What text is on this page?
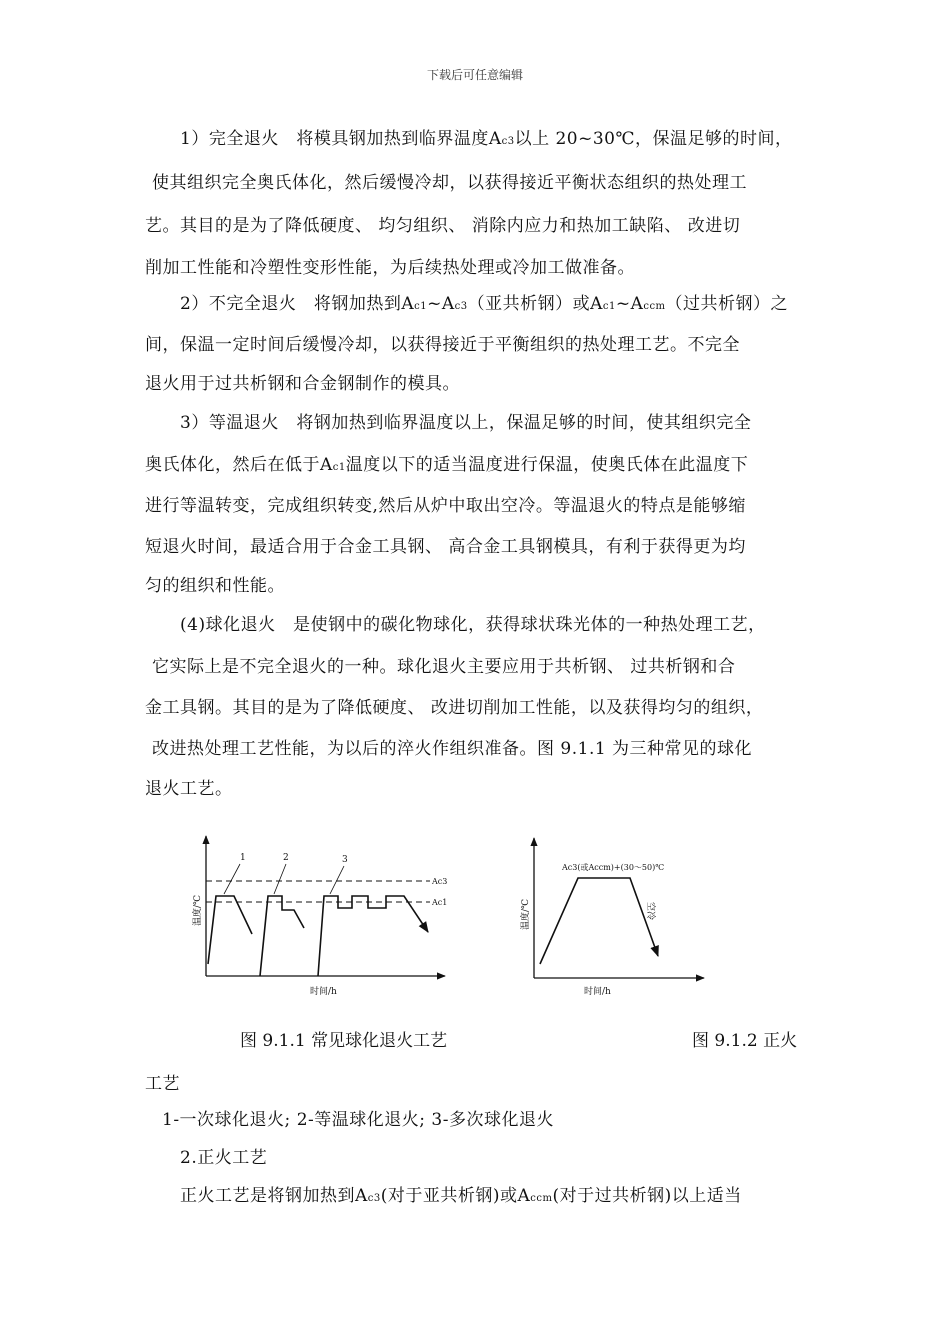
下载后可任意编辑
1）完全退火　将模具钢加热到临界温度Ac3以上 20~30℃，保温足够的时间，
使其组织完全奥氏体化，然后缓慢冷却，以获得接近平衡状态组织的热处理工
艺。其目的是为了降低硬度、 均匀组织、 消除内应力和热加工缺陷、 改进切
削加工性能和冷塑性变形性能，为后续热处理或冷加工做准备。
2）不完全退火　将钢加热到Ac1~Ac3（亚共析钢）或Ac1~Accm（过共析钢）之
间，保温一定时间后缓慢冷却，以获得接近于平衡组织的热处理工艺。不完全
退火用于过共析钢和合金钢制作的模具。
3）等温退火　将钢加热到临界温度以上，保温足够的时间，使其组织完全
奥氏体化，然后在低于Ac1温度以下的适当温度进行保温，使奥氏体在此温度下
进行等温转变，完成组织转变,然后从炉中取出空冷。等温退火的特点是能够缩
短退火时间，最适合用于合金工具钢、 高合金工具钢模具，有利于获得更为均
匀的组织和性能。
(4)球化退火　是使钢中的碳化物球化，获得球状珠光体的一种热处理工艺，
它实际上是不完全退火的一种。球化退火主要应用于共析钢、 过共析钢和合
金工具钢。其目的是为了降低硬度、 改进切削加工性能，以及获得均匀的组织，
改进热处理工艺性能，为以后的淬火作组织准备。图 9.1.1 为三种常见的球化
退火工艺。
Ac3
Ac1
1	2	3
温度/℃
时间/h
Ac3(或Accm)+(30～50)℃
空冷
温度/℃
时间/h
图 9.1.1 常见球化退火工艺	图 9.1.2 正火
工艺
1-一次球化退火; 2-等温球化退火; 3-多次球化退火
2.正火工艺
正火工艺是将钢加热到Ac3(对于亚共析钢)或Accm(对于过共析钢)以上适当
